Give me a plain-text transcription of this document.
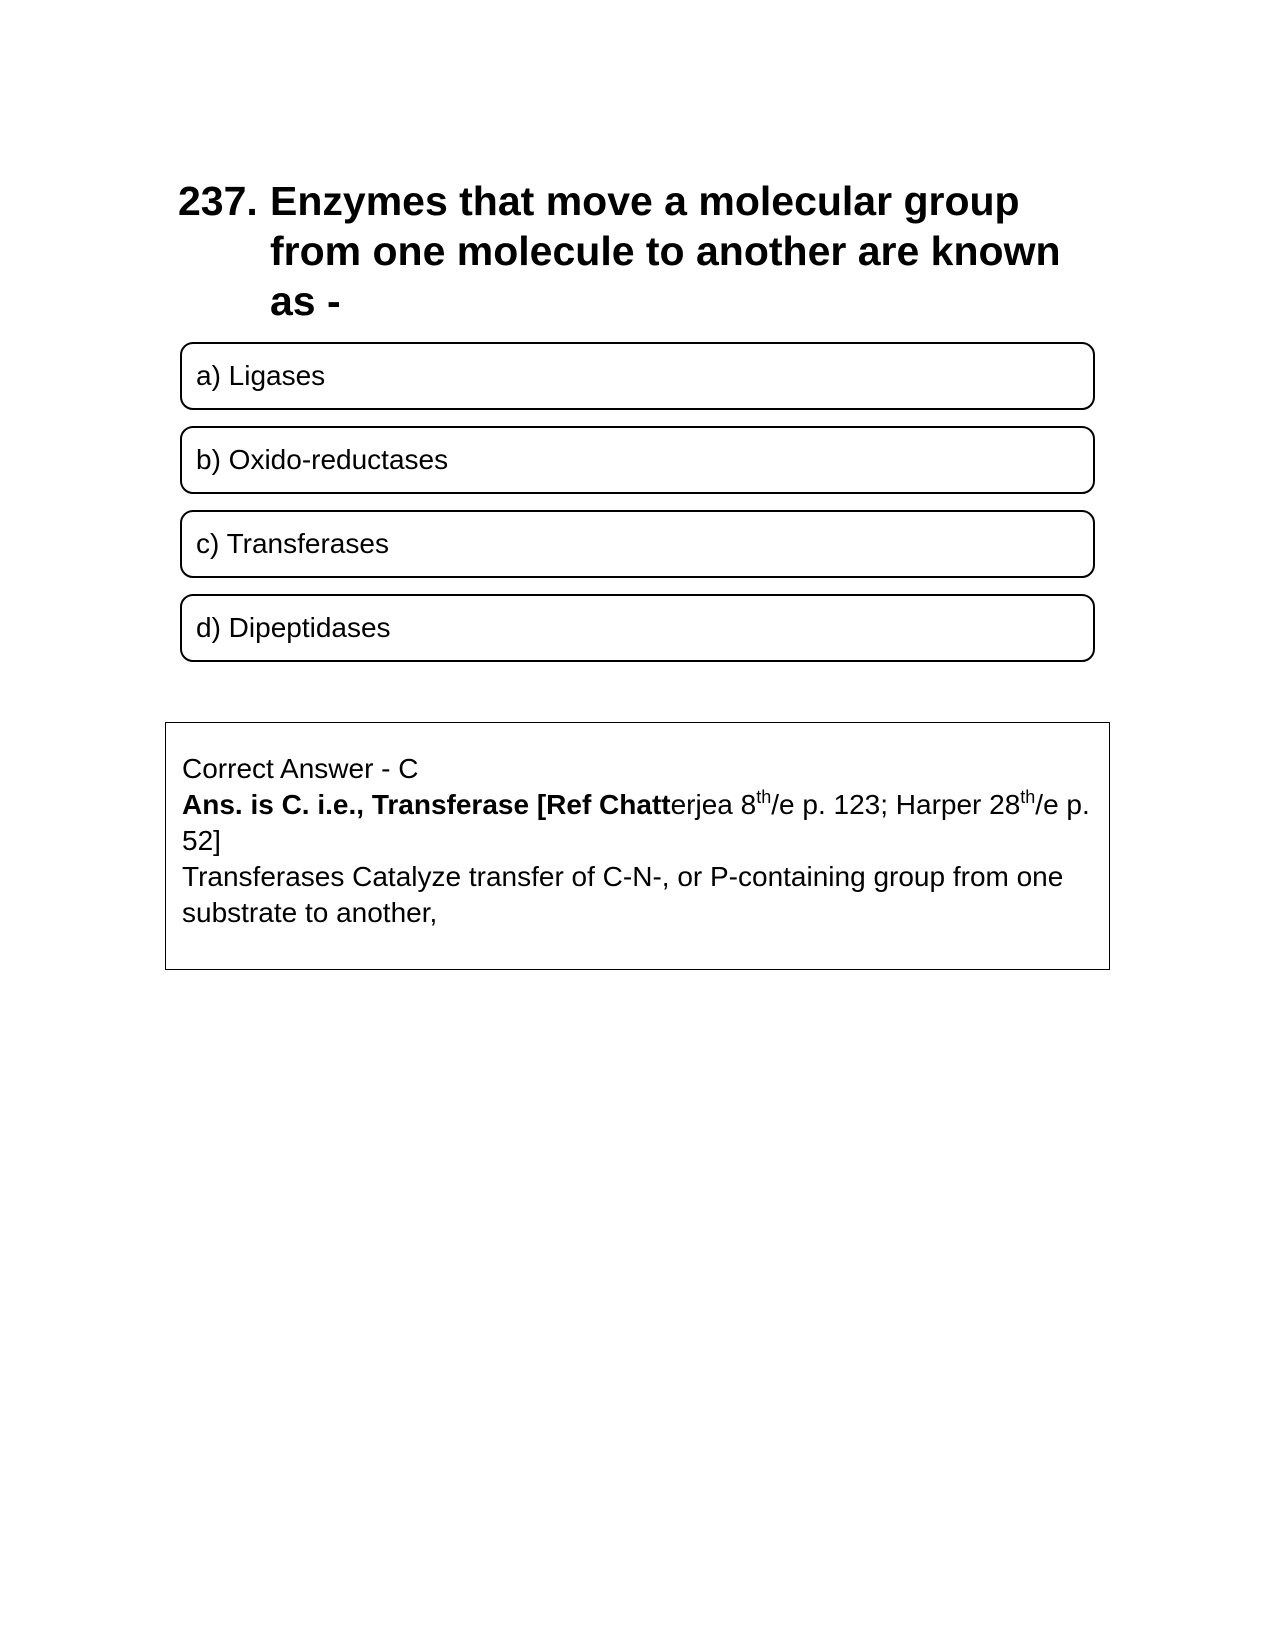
237. Enzymes that move a molecular group from one molecule to another are known as -
a) Ligases
b) Oxido-reductases
c) Transferases
d) Dipeptidases
Correct Answer - C
Ans. is C. i.e., Transferase [Ref Chatterjea 8th/e p. 123; Harper 28th/e p. 52]
Transferases Catalyze transfer of C-N-, or P-containing group from one substrate to another,
